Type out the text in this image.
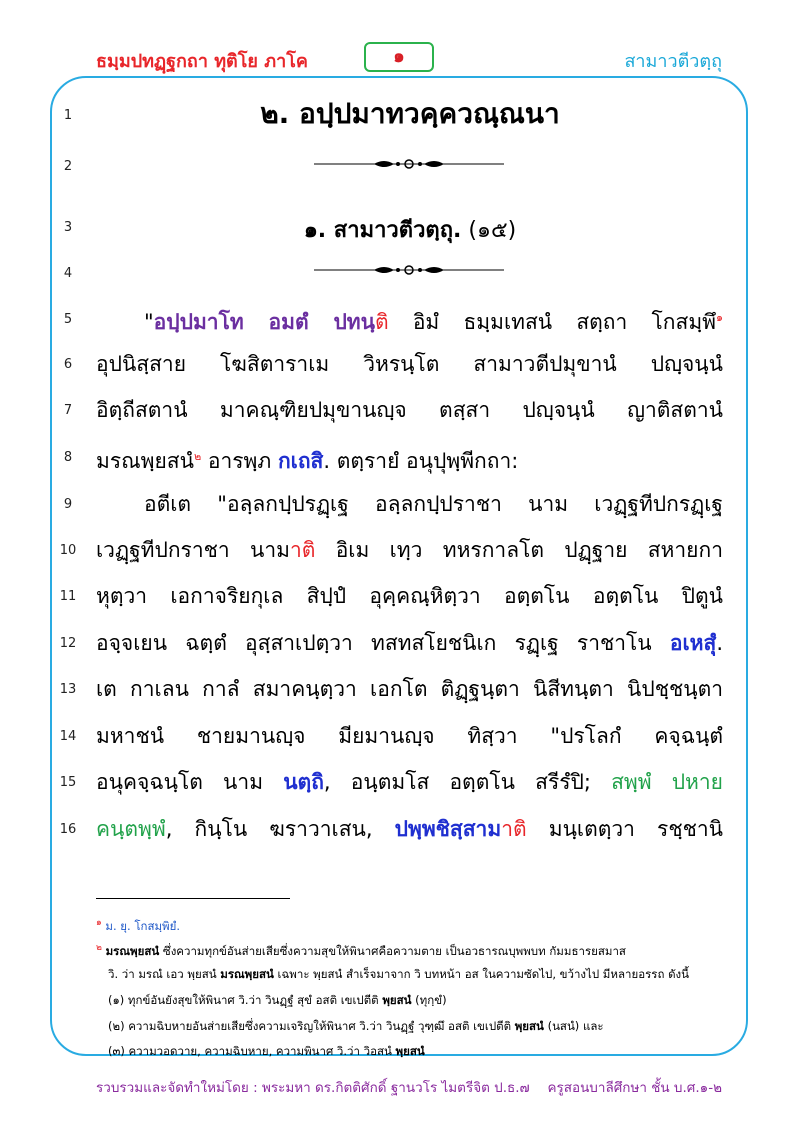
ธมฺมปทฏฺฐกถา ทุติโย ภาโค	๑	สามาวตีวตฺถุ
1
2
3
4
5
6
7
8
9
10
11
12
13
14
15
16
๒. อปฺปมาทวคฺควณฺณนา
๑. สามาวตีวตฺถุ. (๑๕)
"อปฺปมาโท อมตํ ปทนฺติ อิมํ ธมฺมเทสนํ สตฺถา โกสมฺพึ$^๑$
อุปนิสฺสาย โฆสิตาราเม วิหรนฺโต สามาวตีปมุขานํ ปญฺจนฺนํ
อิตฺถีสตานํ มาคณฺฑิยปมุขานญฺจ ตสฺสา ปญฺจนฺนํ ญาติสตานํ
มรณพฺยสนํ$^๒$ อารพฺภ กเถสิ. ตตฺรายํ อนุปุพฺพีกถา:
อตีเต "อลฺลกปฺปรฏฺเฐ อลฺลกปฺปราชา นาม เวฏฺฐทีปกรฏฺเฐ
เวฏฺฐทีปกราชา นามาติ อิเม เทฺว ทหรกาลโต ปฏฺฐาย สหายกา
หุตฺวา เอกาจริยกุเล สิปฺปํ อุคฺคณฺหิตฺวา อตฺตโน อตฺตโน ปิตูนํ
อจฺจเยน ฉตฺตํ อุสฺสาเปตฺวา ทสทสโยชนิเก รฏฺเฐ ราชาโน อเหสุํ.
เต กาเลน กาลํ สมาคนฺตฺวา เอกโต ติฏฺฐนฺตา นิสีทนฺตา นิปชฺชนฺตา
มหาชนํ ชายมานญฺจ มียมานญฺจ ทิสฺวา "ปรโลกํ คจฺฉนฺตํ
อนุคจฺฉนฺโต นาม นตฺถิ, อนฺตมโส อตฺตโน สรีรํปิ; สพฺพํ ปหาย
คนฺตพฺพํ, กินฺโน ฆราวาเสน, ปพฺพชิสฺสามาติ มนฺเตตฺวา รชฺชานิ
$^๑$ ม. ยุ. โกสมฺพิยํ.
$^๒$ มรณพฺยสนํ ซึ่งความทุกข์อันส่ายเสียซึ่งความสุขให้พินาศคือความตาย เป็นอวธารณบุพพบท กัมมธารยสมาส
วิ. ว่า มรณํ เอว พฺยสนํ มรณพฺยสนํ เฉพาะ พฺยสนํ สำเร็จมาจาก วิ บทหน้า อส ในความซัดไป, ขว้างไป มีหลายอรรถ ดังนี้
(๑) ทุกข์อันยังสุขให้พินาศ วิ.ว่า วินฏฺฐํ สุขํ อสติ เขเปตีติ พฺยสนํ (ทุกฺขํ)
(๒) ความฉิบหายอันส่ายเสียซึ่งความเจริญให้พินาศ วิ.ว่า วินฏฺฐํ วุฑฺฒึ อสติ เขเปตีติ พฺยสนํ (นสนํ) และ
(๓) ความวอดวาย, ความฉิบหาย, ความพินาศ วิ.ว่า วิอสนํ พฺยสนํ
รวบรวมและจัดทำใหม่โดย : พระมหา ดร.กิตติศักดิ์ ฐานวโร ไมตรีจิต ป.ธ.๗ ครูสอนบาลีศึกษา ชั้น บ.ศ.๑-๒
